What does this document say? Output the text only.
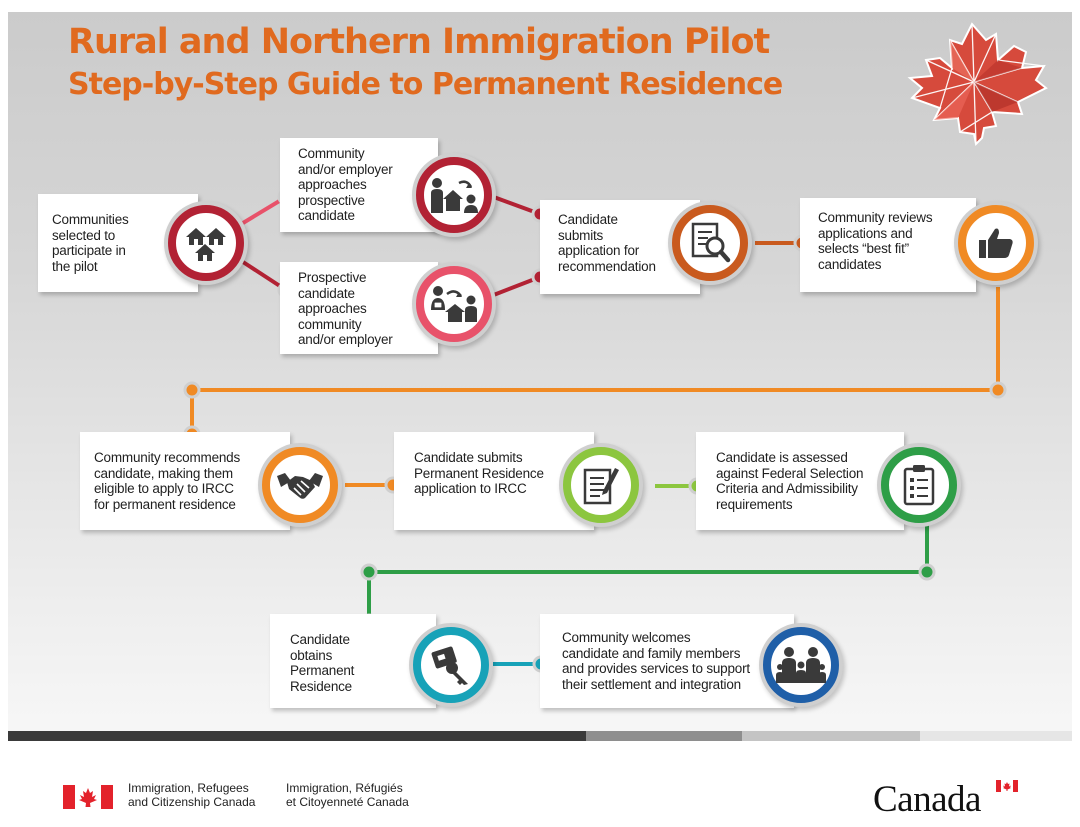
Rural and Northern Immigration Pilot
Step-by-Step Guide to Permanent Residence
Immigration, Refugees
and Citizenship Canada
Immigration, Réfugiés
et Citoyenneté Canada	Canada
Communities
selected to
participate in
the pilot
Community
and/or employer
approaches
prospective
candidate
Prospective
candidate
approaches
community
and/or employer
Candidate
submits
application for
recommendation
Community reviews
applications and
selects “best fit”
candidates
Community recommends
candidate, making them
eligible to apply to IRCC
for permanent residence
Candidate submits
Permanent Residence
application to IRCC
Candidate is assessed
against Federal Selection
Criteria and Admissibility
requirements
Candidate
obtains
Permanent
Residence
Community welcomes
candidate and family members
and provides services to support
their settlement and integration
